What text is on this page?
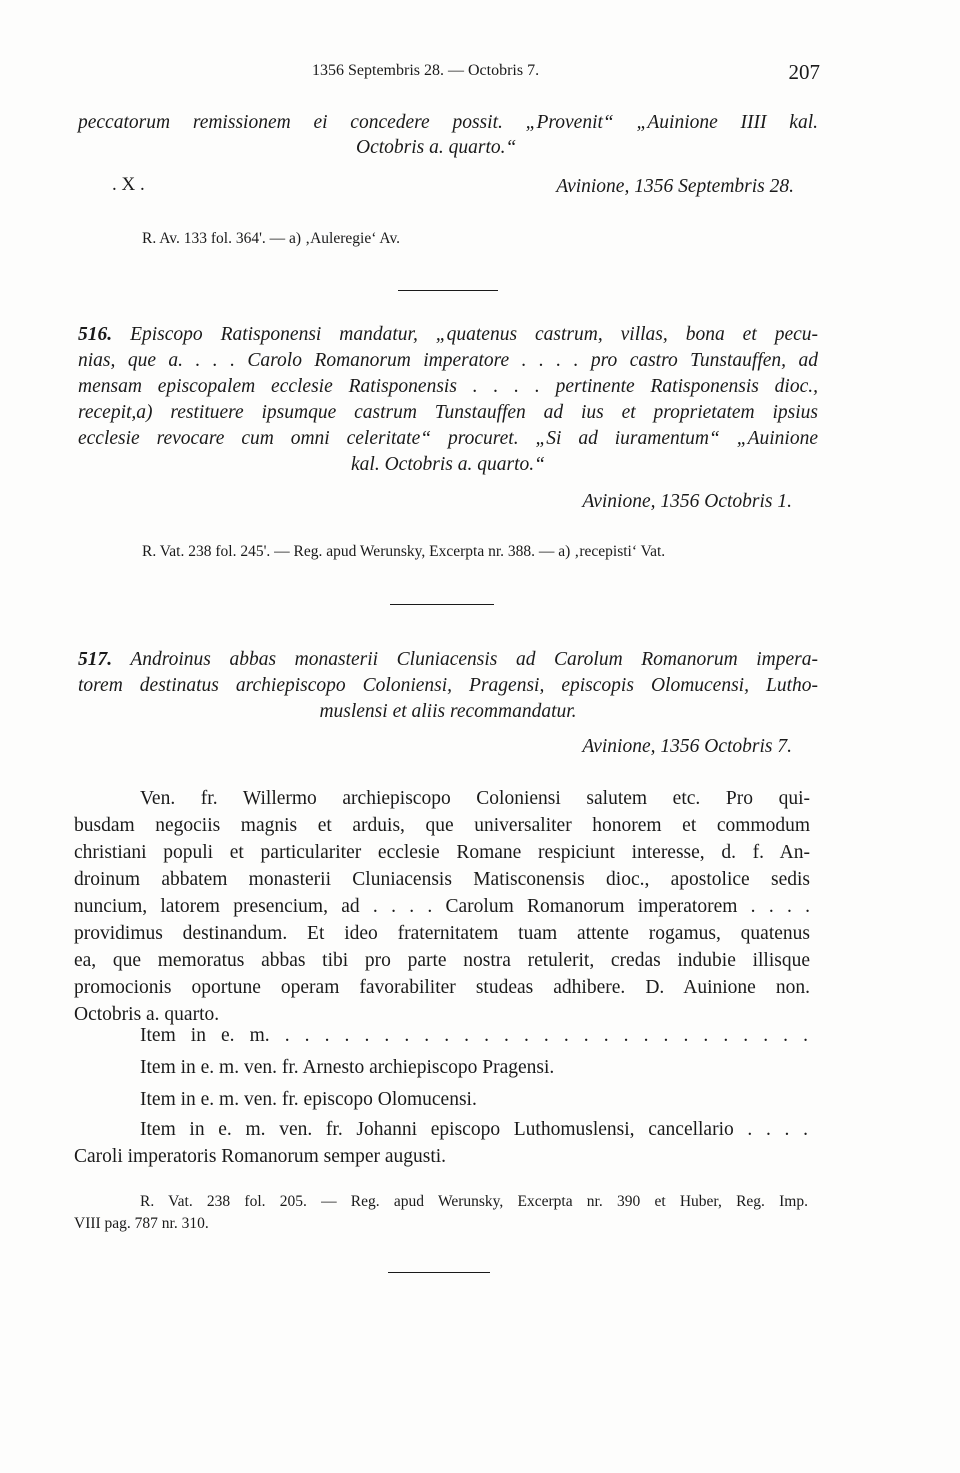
1356 Septembris 28. — Octobris 7.	207

peccatorum remissionem ei concedere possit. „Provenit“ „Auinione IIII kal.

Octobris a. quarto.“

. X .	Avinione, 1356 Septembris 28.

R. Av. 133 fol. 364'. — a) ‚Auleregie‘ Av.

516. Episcopo Ratisponensi mandatur, „quatenus castrum, villas, bona et pecu-
nias, que a. . . . Carolo Romanorum imperatore . . . . pro castro Tunstauffen, ad
mensam episcopalem ecclesie Ratisponensis . . . . pertinente Ratisponensis dioc.,
recepit,a) restituere ipsumque castrum Tunstauffen ad ius et proprietatem ipsius
ecclesie revocare cum omni celeritate“ procuret. „Si ad iuramentum“ „Auinione
kal. Octobris a. quarto.“

Avinione, 1356 Octobris 1.

R. Vat. 238 fol. 245'. — Reg. apud Werunsky, Excerpta nr. 388. — a) ‚recepisti‘ Vat.

517. Androinus abbas monasterii Cluniacensis ad Carolum Romanorum impera-
torem destinatus archiepiscopo Coloniensi, Pragensi, episcopis Olomucensi, Lutho-
muslensi et aliis recommandatur.

Avinione, 1356 Octobris 7.

Ven. fr. Willermo archiepiscopo Coloniensi salutem etc. Pro qui-
busdam negociis magnis et arduis, que universaliter honorem et commodum
christiani populi et particulariter ecclesie Romane respiciunt interesse, d. f. An-
droinum abbatem monasterii Cluniacensis Matisconensis dioc., apostolice sedis
nuncium, latorem presencium, ad . . . . Carolum Romanorum imperatorem . . . .
providimus destinandum. Et ideo fraternitatem tuam attente rogamus, quatenus
ea, que memoratus abbas tibi pro parte nostra retulerit, credas indubie illisque
promocionis oportune operam favorabiliter studeas adhibere. D. Auinione non.
Octobris a. quarto.

Item in e. m. . . . . . . . . . . . . . . . . . . . . . . . . . . .

Item in e. m. ven. fr. Arnesto archiepiscopo Pragensi.

Item in e. m. ven. fr. episcopo Olomucensi.

Item in e. m. ven. fr. Johanni episcopo Luthomuslensi, cancellario . . . .

Caroli imperatoris Romanorum semper augusti.

R. Vat. 238 fol. 205. — Reg. apud Werunsky, Excerpta nr. 390 et Huber, Reg. Imp.

VIII pag. 787 nr. 310.
